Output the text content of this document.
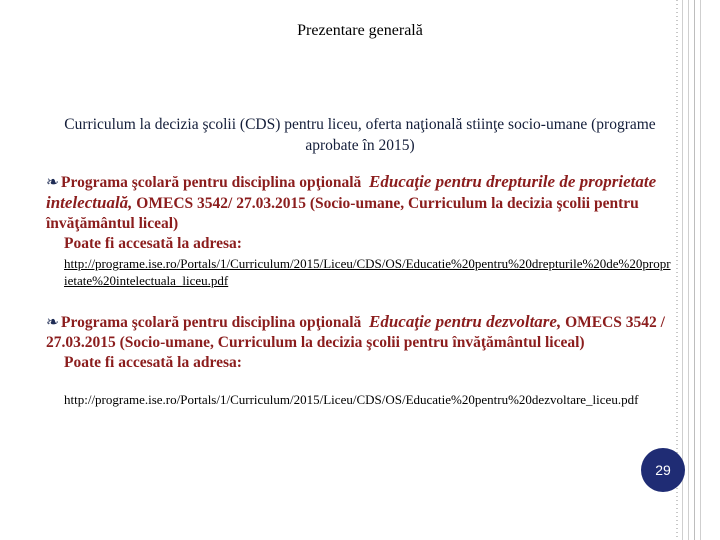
Prezentare generală
Curriculum la decizia şcolii (CDS) pentru liceu, oferta naţională stiinţe socio-umane (programe aprobate în 2015)
❧ Programa şcolară pentru disciplina opţională Educaţie pentru drepturile de proprietate intelectuală, OMECS 3542/ 27.03.2015 (Socio-umane, Curriculum la decizia şcolii pentru învăţământul liceal)
Poate fi accesată la adresa:
http://programe.ise.ro/Portals/1/Curriculum/2015/Liceu/CDS/OS/Educatie%20pentru%20drepturile%20de%20proprietate%20intelectuala_liceu.pdf
❧ Programa şcolară pentru disciplina opţională Educaţie pentru dezvoltare, OMECS 3542 / 27.03.2015 (Socio-umane, Curriculum la decizia şcolii pentru învăţământul liceal)
Poate fi accesată la adresa:
http://programe.ise.ro/Portals/1/Curriculum/2015/Liceu/CDS/OS/Educatie%20pentru%20dezvoltare_liceu.pdf
29
